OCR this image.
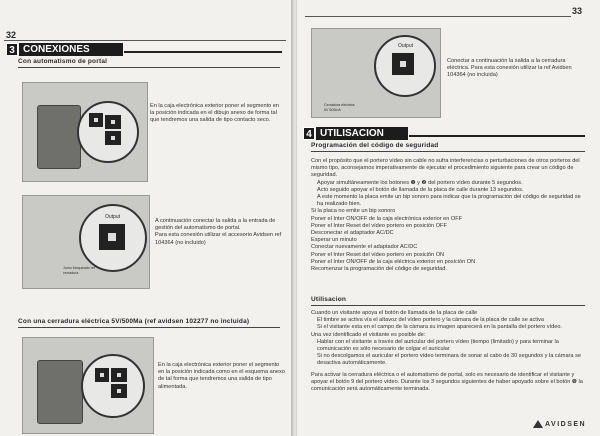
32
3 CONEXIONES
Con automatismo de portal

En la caja electrónica exterior poner el segmento en la posición indicada en el dibujo anexo de forma tal que tendremos una salida de tipo contacto seco.

Output
Jumo bloqueado ref cerradura

A continuación conectar la salida a la entrada de gestión del automatismo de portal.

Para esta conexión utilizar el accesorio Avidsen ref 104364 (no incluido)

Con una cerradura eléctrica 5V/500Ma (ref avidsen 102277 no incluida)

En la caja electrónica exterior poner el segmento en la posición indicada como en el esquema anexo de tal forma que tendremos una salida de tipo alimentada.

33
Output
Cerradura eléctrica
5V 500mA

Conectar a continuación la salida a la cerradura eléctrica. Para esta conexión utilizar la ref Avidsen 104364 (no incluida)

4 UTILISACION
Programación del código de seguridad

Con el propósito que el portero vídeo sin cable no sufra interferencias o perturbaciones de otros porteros del mismo tipo, aconsejamos imperativamente de ejecutar el procedimiento siguiente para crear un código de seguridad.

Apoyar simultáneamente los botones ❶ y ❷ del portero vídeo durante 5 segundos.

Acto seguido apoyar el botón de llamada de la placa de calle durante 13 segundos.

A este momento la placa emite un bip sonoro para indicar que la programación del código de seguridad se ha realizado bien.

Si la placa no emite un bip sonoro

Poner el Inter ON/OFF de la caja electrónica exterior en OFF

Poner el Inter Reset del vídeo portero en posición OFF

Desconectar el adaptador AC/DC

Esperar un minuto

Conectar nuevamente el adaptador AC/DC

Poner el Inter Reset del vídeo portero en posición ON

Poner el Inter ON/OFF de la caja eléctrica exterior en posición ON

Recomenzar la programación del código de seguridad.

Utilisacion

Cuando un visitante apoya el botón de llamada de la placa de calle

El timbre se activa vía el altavoz del vídeo portero y la cámara de la placa de calle se activa

Si el visitante esta en el campo de la cámara su imagen aparecerá en la pantalla del portero vídeo.

Una vez identificado el visitante es posible de:

Hablar con el visitante a través del auricular del portero vídeo (tiempo (limitado) y para terminar la comunicación es sólo necesario de colgar el auricular

Si no descolgamos el auricular el portero vídeo terminara de sonar al cabo de 30 segundos y la cámara se desactiva automáticamente.

Para activar la cerradura eléctrica o el automatismo de portal, solo es necesario de identificar el visitante y apoyar el botón 9 del portero vídeo. Durante los 3 segundos siguientes de haber apoyado sobre el botón ❾ la comunicación será automáticamente terminada.

AVIDSEN
